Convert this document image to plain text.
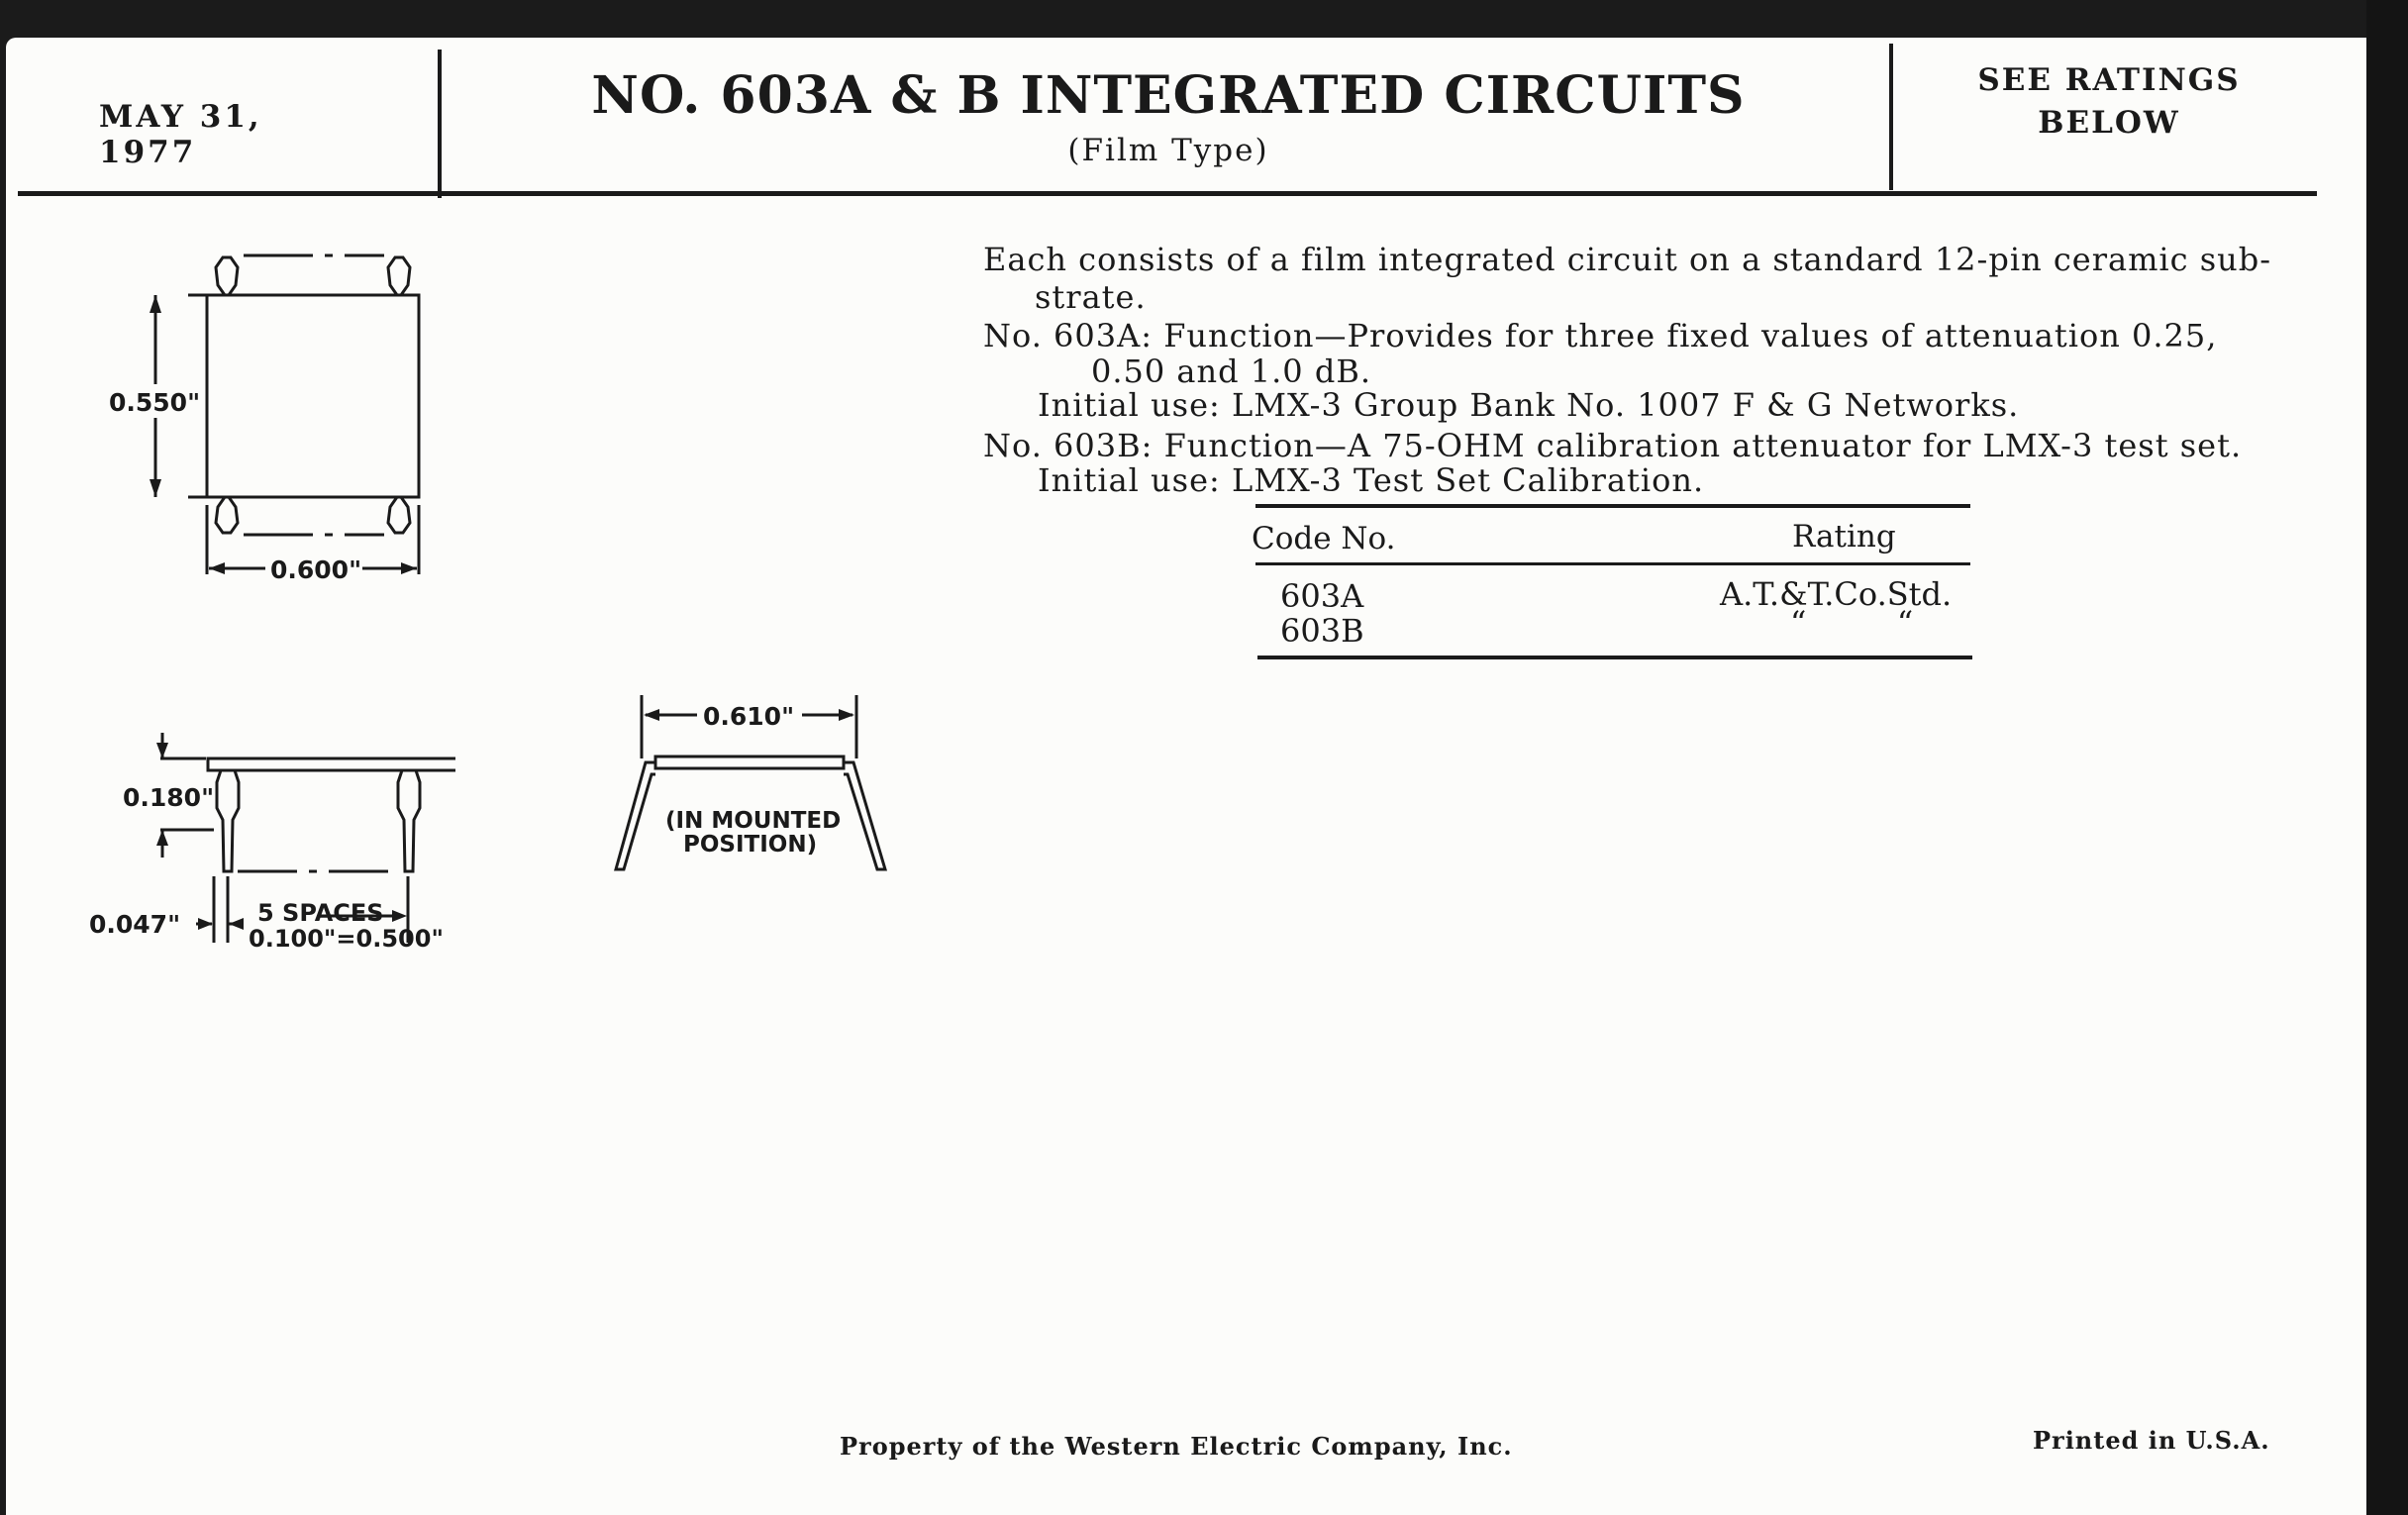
MAY 31, 1977
NO. 603A & B INTEGRATED CIRCUITS
(Film Type)
SEE RATINGS
BELOW
Each consists of a film integrated circuit on a standard 12-pin ceramic sub-
strate.
No. 603A: Function—Provides for three fixed values of attenuation 0.25,
0.50 and 1.0 dB.
Initial use: LMX-3 Group Bank No. 1007 F & G Networks.
No. 603B: Function—A 75-OHM calibration attenuator for LMX-3 test set.
Initial use: LMX-3 Test Set Calibration.
Code No.	Rating
603A	A.T.&T.Co.Std.
603B	“         “
0.550"
0.600"
0.180"
0.047"	5 SPACES
0.100"=0.500"
0.610"
(IN MOUNTED
POSITION)
Property of the Western Electric Company, Inc.	Printed in U.S.A.
